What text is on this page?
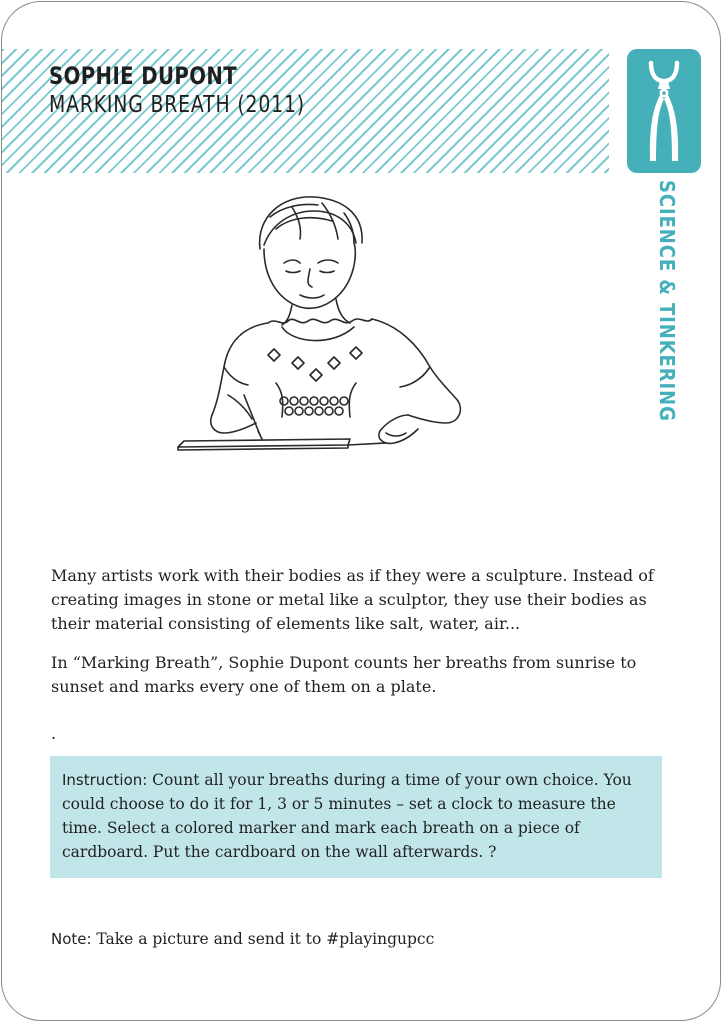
SOPHIE DUPONT
MARKING BREATH (2011)
SCIENCE & TINKERING

Many artists work with their bodies as if they were a sculpture. Instead of creating images in stone or metal like a sculptor, they use their bodies as their material consisting of elements like salt, water, air...

In “Marking Breath”, Sophie Dupont counts her breaths from sunrise to sunset and marks every one of them on a plate.

.
Instruction: Count all your breaths during a time of your own choice. You could choose to do it for 1, 3 or 5 minutes – set a clock to measure the time. Select a colored marker and mark each breath on a piece of cardboard. Put the cardboard on the wall afterwards. ?
Note: Take a picture and send it to #playingupcc
